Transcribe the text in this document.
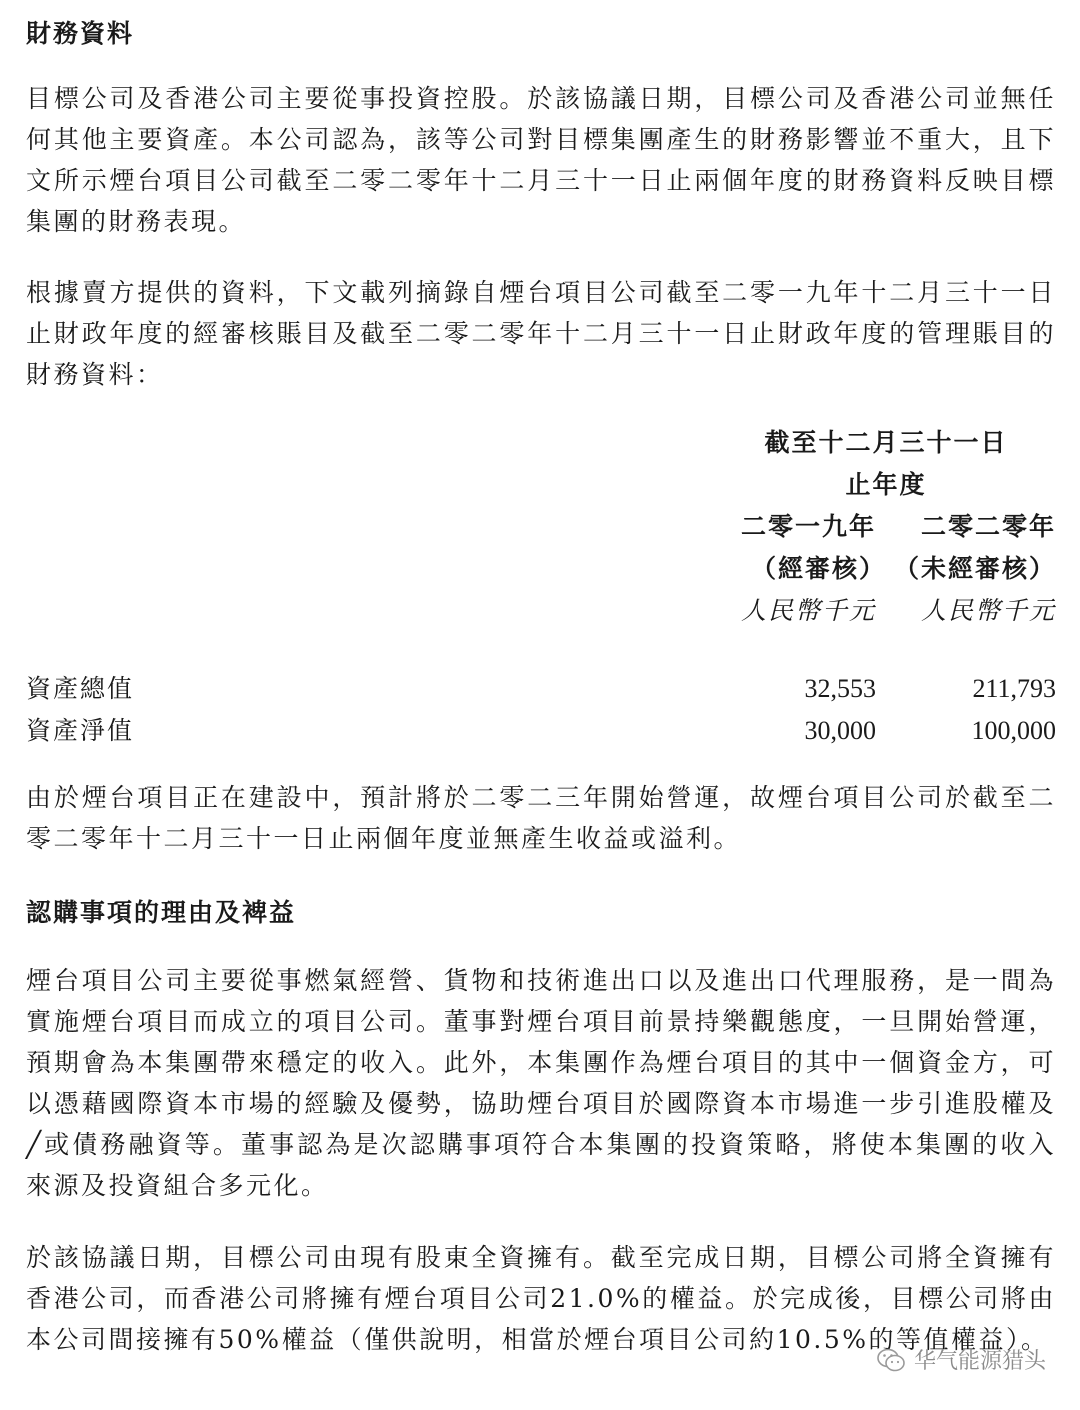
財務資料
目標公司及香港公司主要從事投資控股。於該協議日期，目標公司及香港公司並無任何其他主要資產。本公司認為，該等公司對目標集團產生的財務影響並不重大，且下文所示煙台項目公司截至二零二零年十二月三十一日止兩個年度的財務資料反映目標集團的財務表現。
根據賣方提供的資料，下文載列摘錄自煙台項目公司截至二零一九年十二月三十一日止財政年度的經審核賬目及截至二零二零年十二月三十一日止財政年度的管理賬目的財務資料：
截至十二月三十一日
止年度
二零一九年	二零二零年
（經審核） （未經審核）
人民幣千元	人民幣千元
資產總值	32,553	211,793
資產淨值	30,000	100,000
由於煙台項目正在建設中，預計將於二零二三年開始營運，故煙台項目公司於截至二零二零年十二月三十一日止兩個年度並無產生收益或溢利。
認購事項的理由及裨益
煙台項目公司主要從事燃氣經營、貨物和技術進出口以及進出口代理服務，是一間為實施煙台項目而成立的項目公司。董事對煙台項目前景持樂觀態度，一旦開始營運，預期會為本集團帶來穩定的收入。此外，本集團作為煙台項目的其中一個資金方，可以憑藉國際資本市場的經驗及優勢，協助煙台項目於國際資本市場進一步引進股權及╱或債務融資等。董事認為是次認購事項符合本集團的投資策略，將使本集團的收入來源及投資組合多元化。
於該協議日期，目標公司由現有股東全資擁有。截至完成日期，目標公司將全資擁有香港公司，而香港公司將擁有煙台項目公司21.0%的權益。於完成後，目標公司將由本公司間接擁有50%權益（僅供說明，相當於煙台項目公司約10.5%的等值權益）。
华气能源猎头
